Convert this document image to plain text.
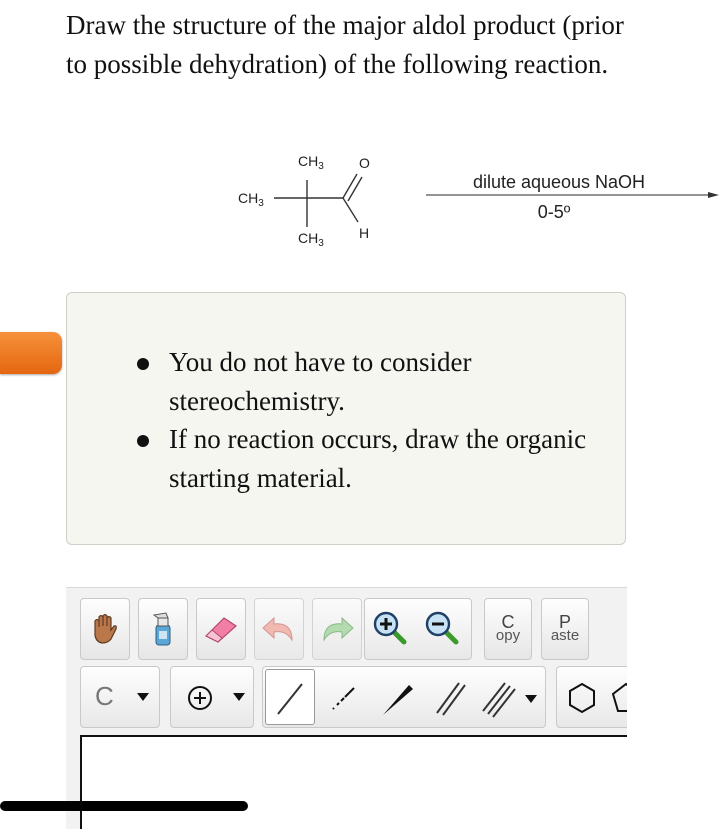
Draw the structure of the major aldol product (prior to possible dehydration) of the following reaction.
$CH_3$
$CH_3$
$CH_3$
O
H
dilute aqueous NaOH
0-5º
You do not have to consider stereochemistry.
If no reaction occurs, draw the organic starting material.
C
opy
P
aste
C
